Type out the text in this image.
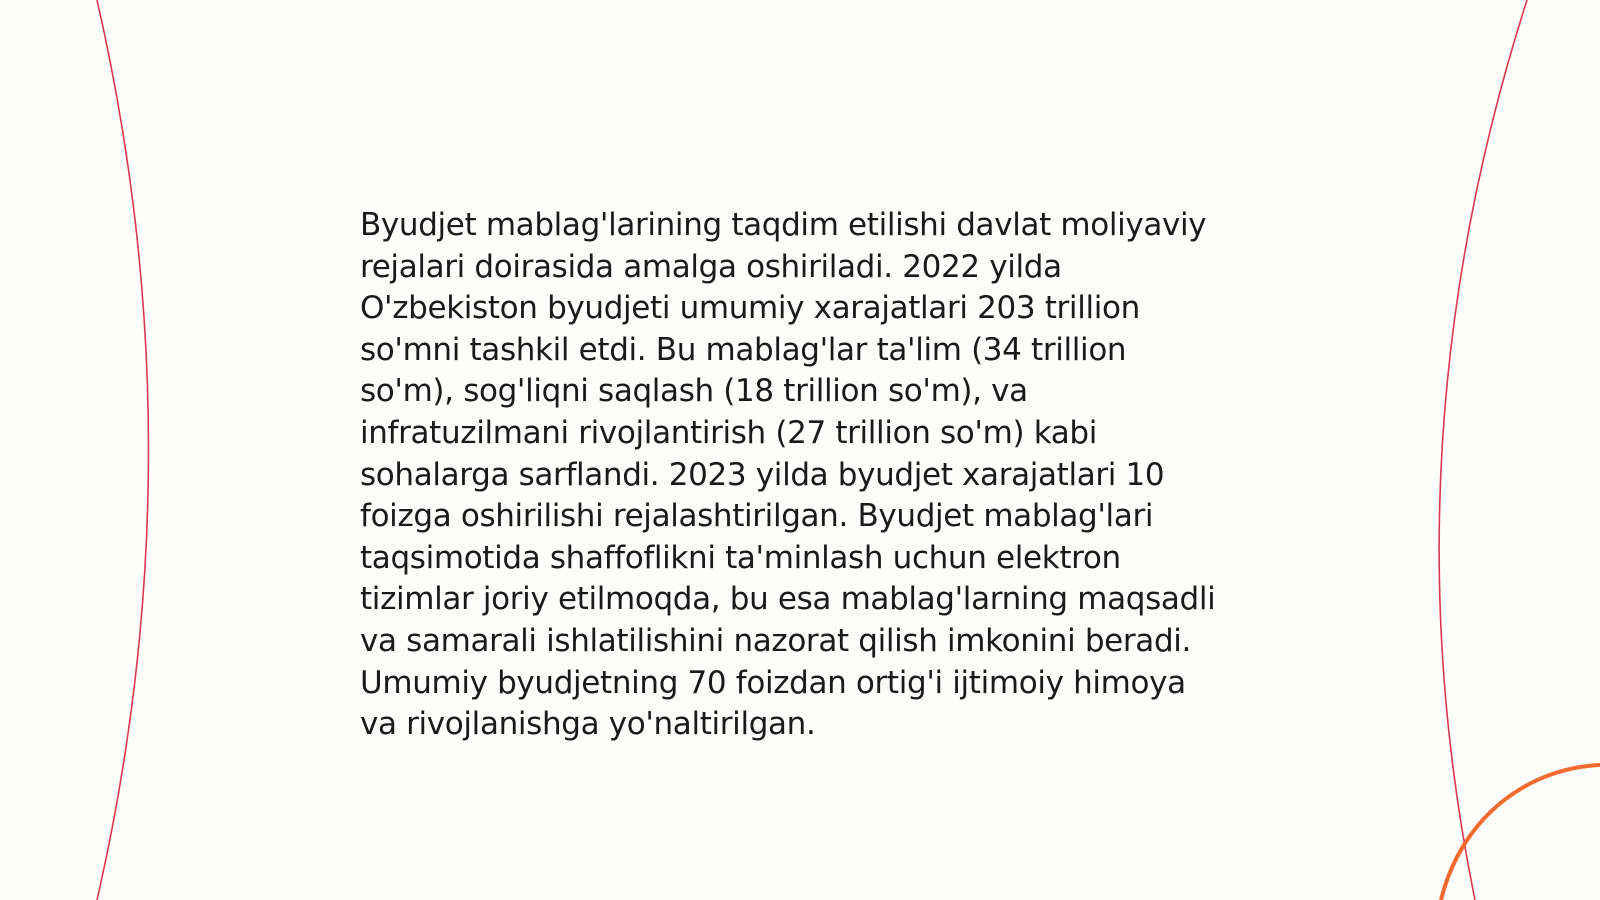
Byudjet mablag'larining taqdim etilishi davlat moliyaviy rejalari doirasida amalga oshiriladi. 2022 yilda O'zbekiston byudjeti umumiy xarajatlari 203 trillion so'mni tashkil etdi. Bu mablag'lar ta'lim (34 trillion so'm), sog'liqni saqlash (18 trillion so'm), va infratuzilmani rivojlantirish (27 trillion so'm) kabi sohalarga sarflandi. 2023 yilda byudjet xarajatlari 10 foizga oshirilishi rejalashtirilgan. Byudjet mablag'lari taqsimotida shaffoflikni ta'minlash uchun elektron tizimlar joriy etilmoqda, bu esa mablag'larning maqsadli va samarali ishlatilishini nazorat qilish imkonini beradi. Umumiy byudjetning 70 foizdan ortig'i ijtimoiy himoya va rivojlanishga yo'naltirilgan.
